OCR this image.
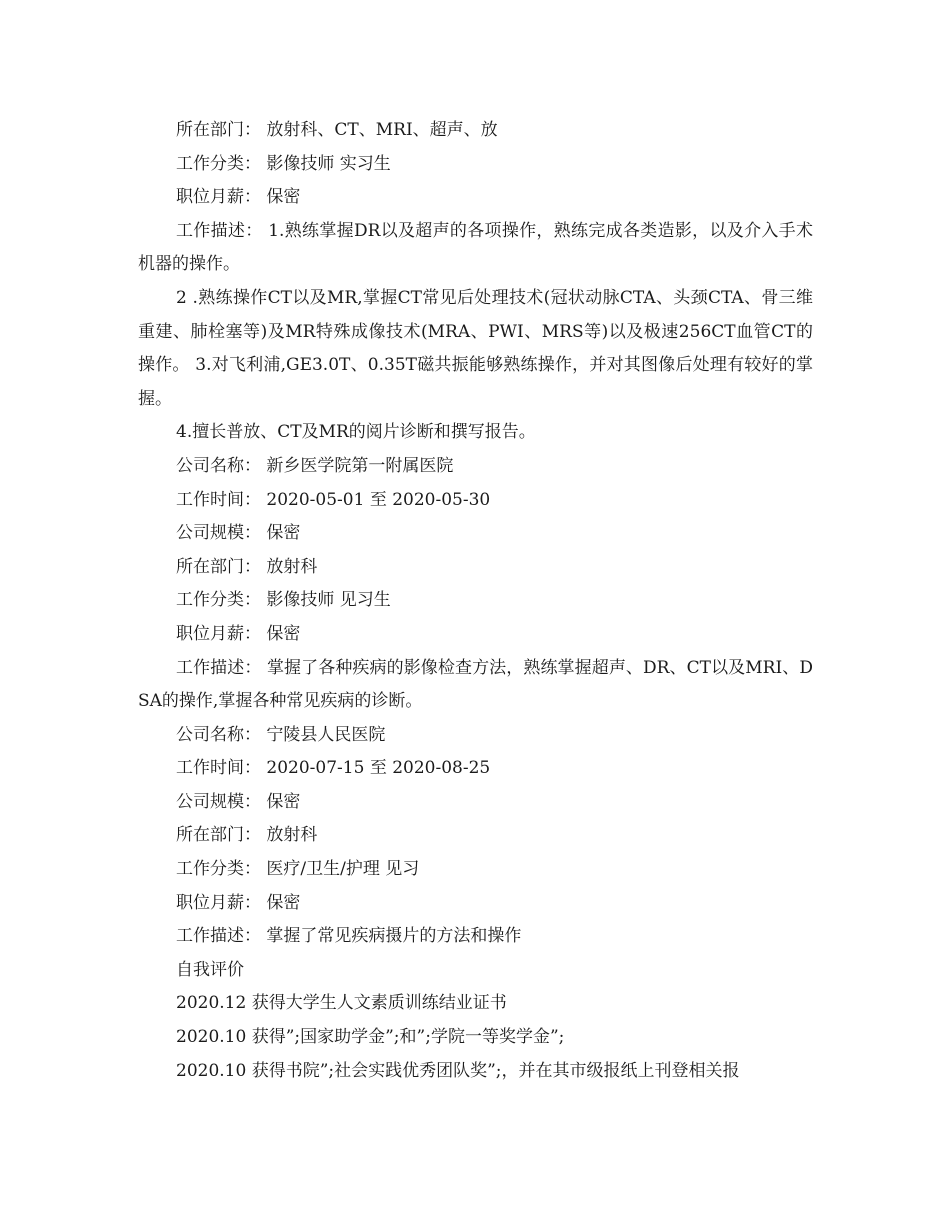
所在部门： 放射科、CT、MRI、超声、放

工作分类： 影像技师 实习生

职位月薪： 保密

工作描述： 1.熟练掌握DR以及超声的各项操作，熟练完成各类造影，以及介入手术机器的操作。

2 .熟练操作CT以及MR,掌握CT常见后处理技术(冠状动脉CTA、头颈CTA、骨三维重建、肺栓塞等)及MR特殊成像技术(MRA、PWI、MRS等)以及极速256CT血管CT的操作。 3.对飞利浦,GE3.0T、0.35T磁共振能够熟练操作，并对其图像后处理有较好的掌握。

4.擅长普放、CT及MR的阅片诊断和撰写报告。

公司名称： 新乡医学院第一附属医院

工作时间： 2020-05-01 至 2020-05-30

公司规模： 保密

所在部门： 放射科

工作分类： 影像技师 见习生

职位月薪： 保密

工作描述： 掌握了各种疾病的影像检查方法，熟练掌握超声、DR、CT以及MRI、DSA的操作,掌握各种常见疾病的诊断。

公司名称： 宁陵县人民医院

工作时间： 2020-07-15 至 2020-08-25

公司规模： 保密

所在部门： 放射科

工作分类： 医疗/卫生/护理 见习

职位月薪： 保密

工作描述： 掌握了常见疾病摄片的方法和操作

自我评价

2020.12 获得大学生人文素质训练结业证书

2020.10 获得”;国家助学金”;和”;学院一等奖学金”;

2020.10 获得书院”;社会实践优秀团队奖”;，并在其市级报纸上刊登相关报
